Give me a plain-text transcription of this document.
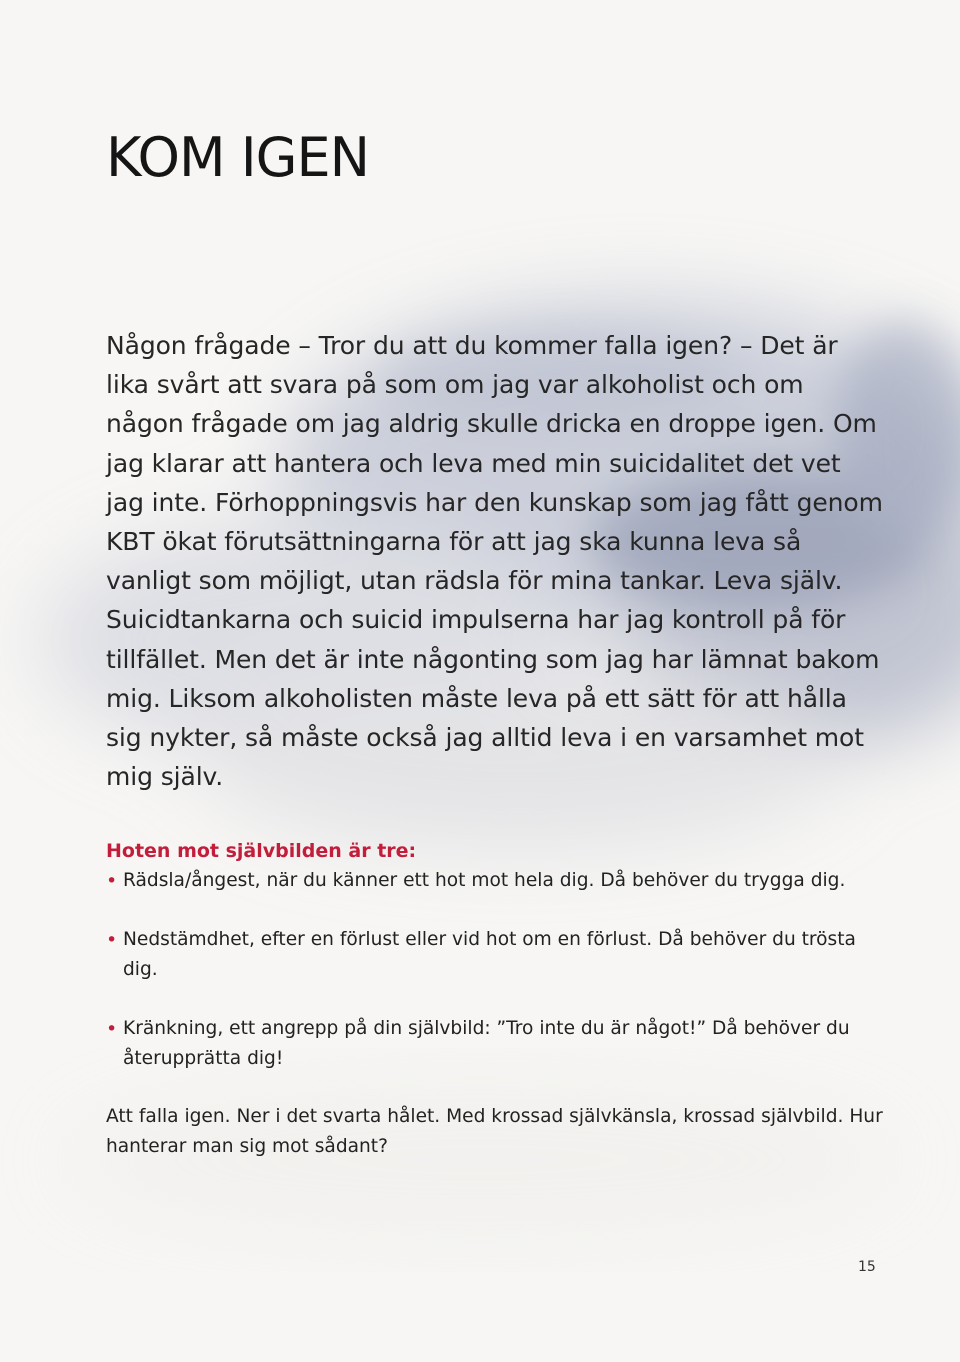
KOM IGEN

Någon frågade – Tror du att du kommer falla igen? – Det är lika svårt att svara på som om jag var alkoholist och om någon frågade om jag aldrig skulle dricka en droppe igen. Om jag klarar att hantera och leva med min suicidalitet det vet jag inte. Förhoppningsvis har den kunskap som jag fått genom KBT ökat förutsättningarna för att jag ska kunna leva så vanligt som möjligt, utan rädsla för mina tankar. Leva själv. Suicidtankarna och suicid impulserna har jag kontroll på för tillfället. Men det är inte någonting som jag har lämnat bakom mig. Liksom alkoholisten måste leva på ett sätt för att hålla sig nykter, så måste också jag alltid leva i en varsamhet mot mig själv.

Hoten mot självbilden är tre:
• Rädsla/ångest, när du känner ett hot mot hela dig. Då behöver du trygga dig.
• Nedstämdhet, efter en förlust eller vid hot om en förlust. Då behöver du trösta dig.
• Kränkning, ett angrepp på din självbild: ”Tro inte du är något!” Då behöver du återupprätta dig!

Att falla igen. Ner i det svarta hålet. Med krossad självkänsla, krossad självbild. Hur hanterar man sig mot sådant?

15
